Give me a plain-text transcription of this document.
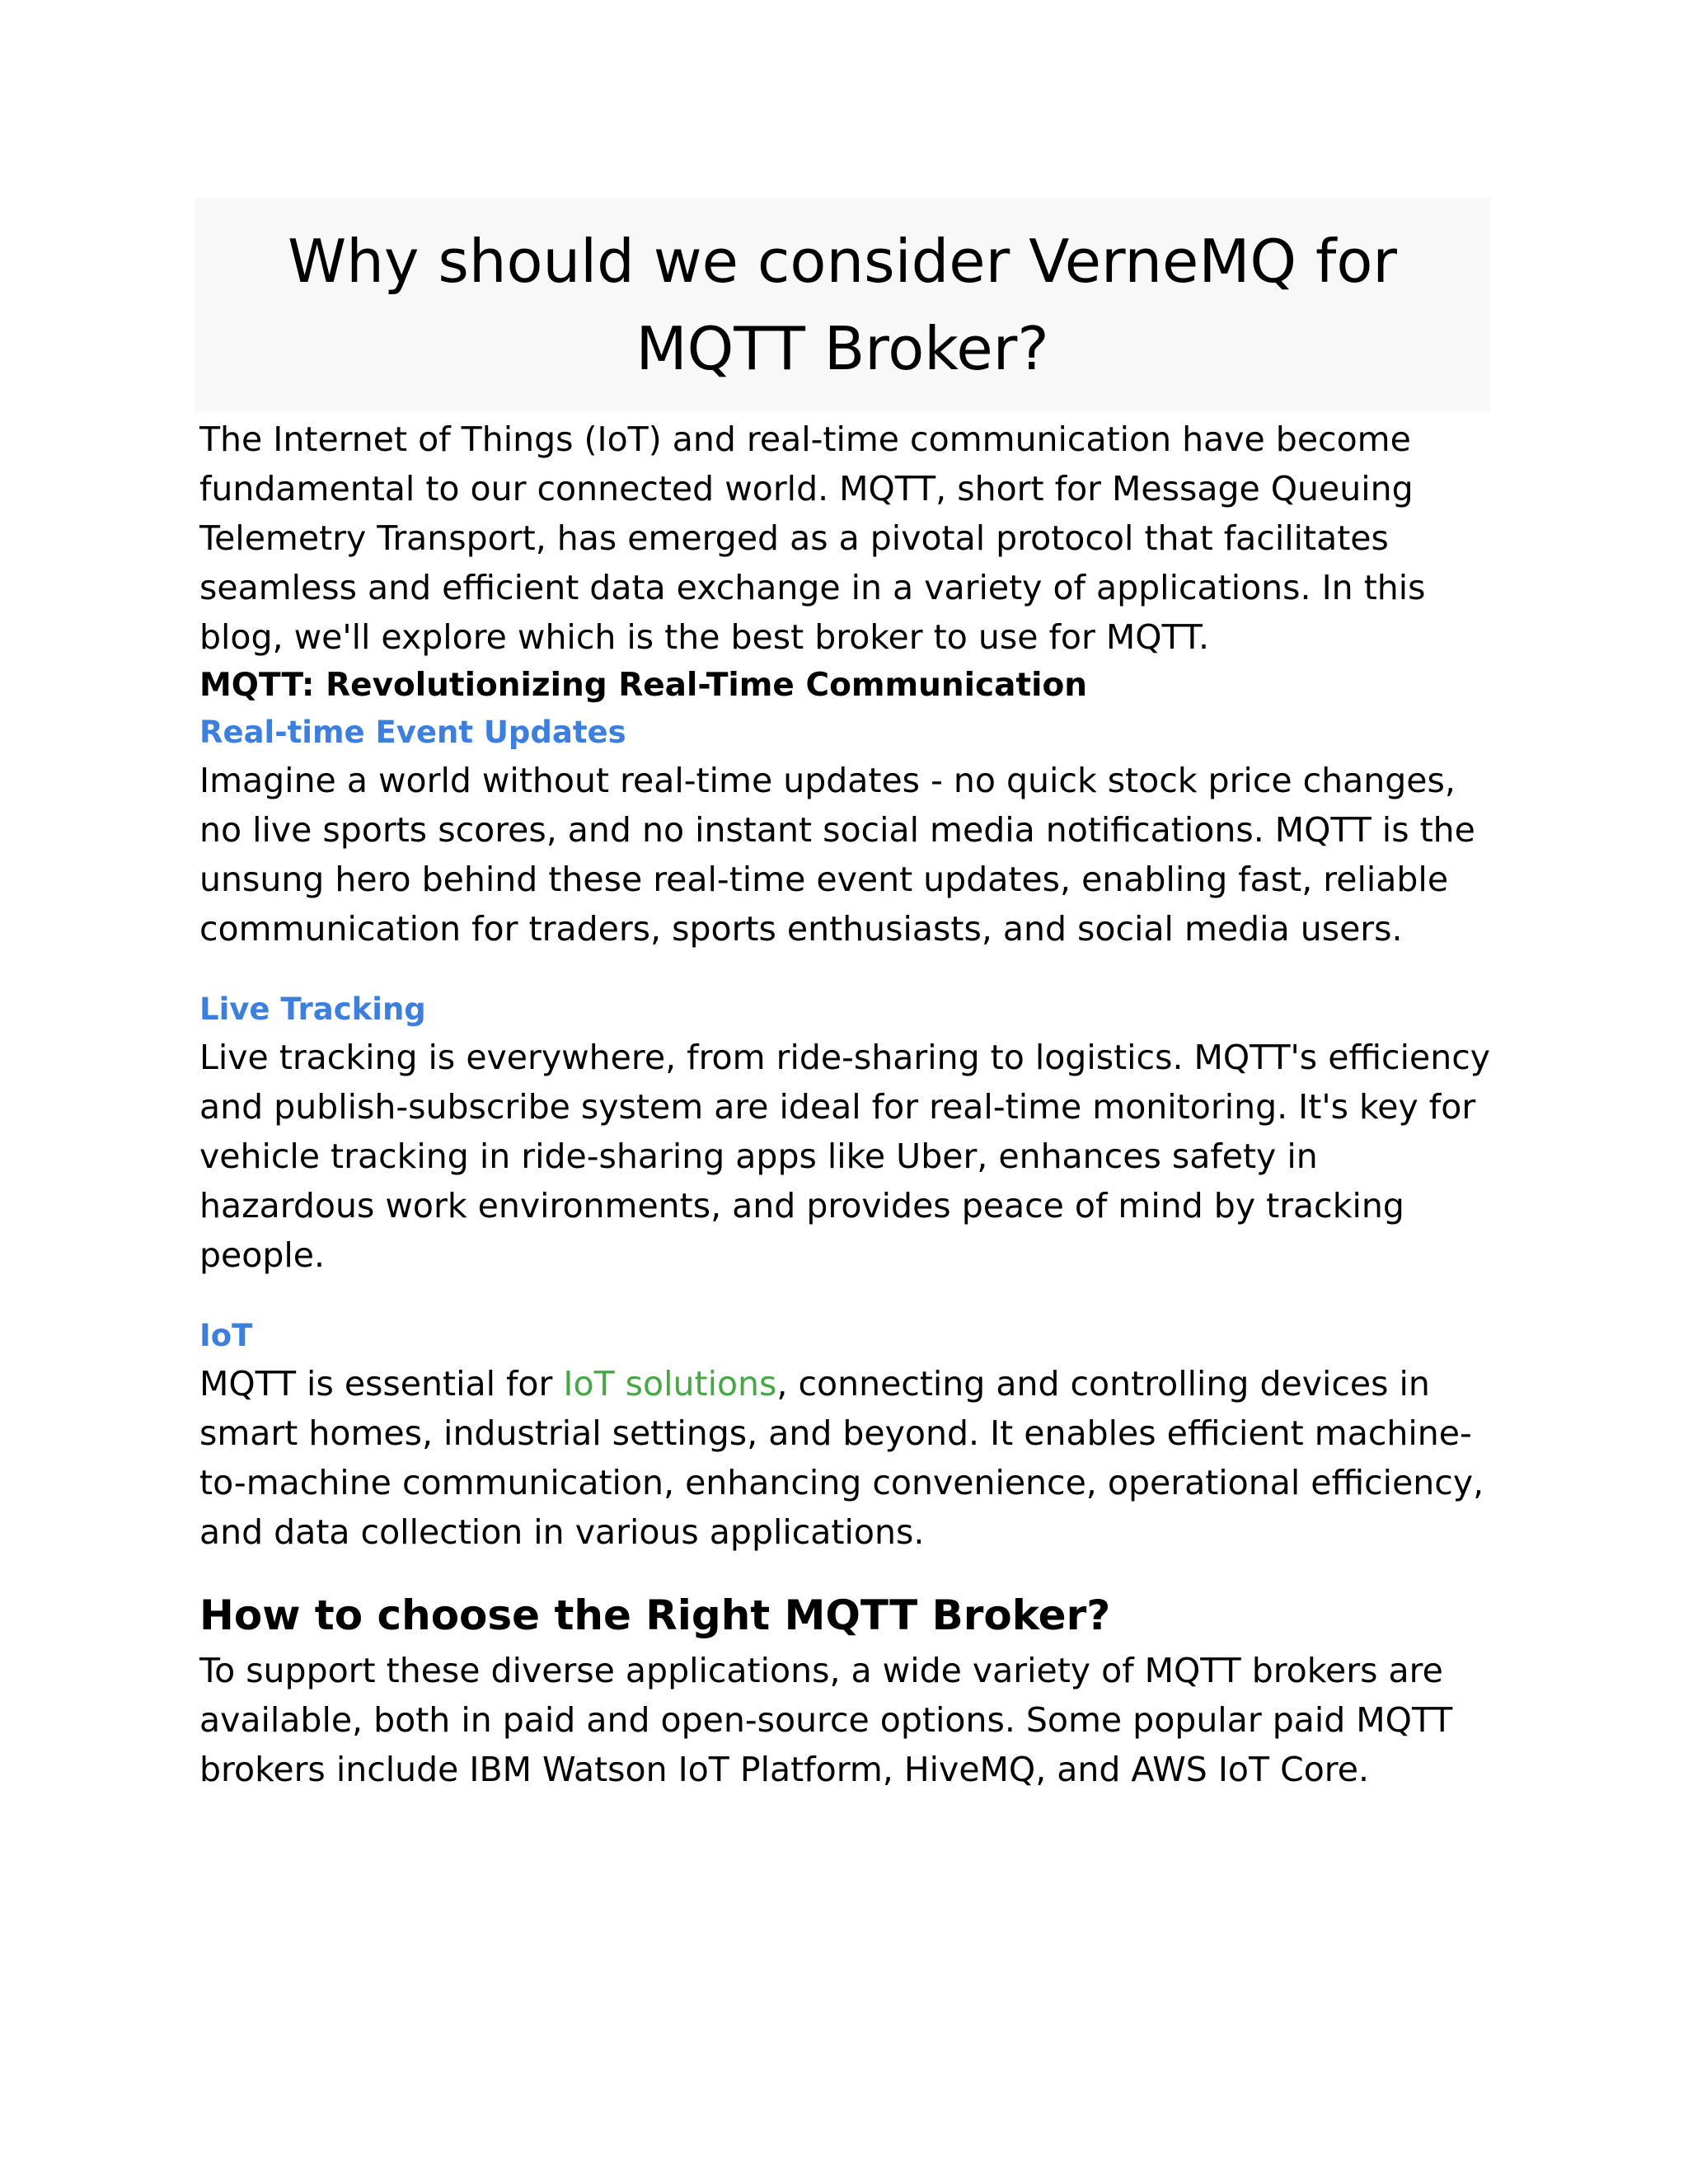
Why should we consider VerneMQ for MQTT Broker?

The Internet of Things (IoT) and real-time communication have become fundamental to our connected world. MQTT, short for Message Queuing Telemetry Transport, has emerged as a pivotal protocol that facilitates seamless and efficient data exchange in a variety of applications. In this blog, we'll explore which is the best broker to use for MQTT.

MQTT: Revolutionizing Real-Time Communication
Real-time Event Updates

Imagine a world without real-time updates - no quick stock price changes, no live sports scores, and no instant social media notifications. MQTT is the unsung hero behind these real-time event updates, enabling fast, reliable communication for traders, sports enthusiasts, and social media users.

Live Tracking

Live tracking is everywhere, from ride-sharing to logistics. MQTT's efficiency and publish-subscribe system are ideal for real-time monitoring. It's key for vehicle tracking in ride-sharing apps like Uber, enhances safety in hazardous work environments, and provides peace of mind by tracking people.

IoT

MQTT is essential for IoT solutions, connecting and controlling devices in smart homes, industrial settings, and beyond. It enables efficient machine-to-machine communication, enhancing convenience, operational efficiency, and data collection in various applications.

How to choose the Right MQTT Broker?

To support these diverse applications, a wide variety of MQTT brokers are available, both in paid and open-source options. Some popular paid MQTT brokers include IBM Watson IoT Platform, HiveMQ, and AWS IoT Core.
